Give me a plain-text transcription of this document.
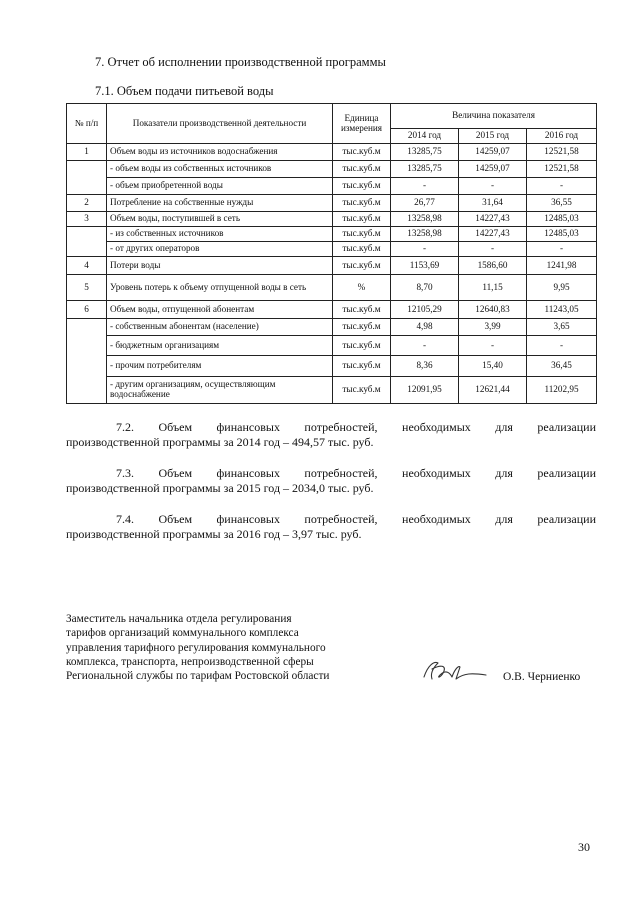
7. Отчет об исполнении производственной программы
7.1. Объем подачи питьевой воды
№ п/п	Показатели производственной деятельности	Единица измерения	Величина показателя		
			2014 год	2015 год	2016 год
1	Объем воды из источников водоснабжения	тыс.куб.м	13285,75	14259,07	12521,58
	- объем воды из собственных источников	тыс.куб.м	13285,75	14259,07	12521,58
	- объем приобретенной воды	тыс.куб.м	-	-	-
2	Потребление на собственные нужды	тыс.куб.м	26,77	31,64	36,55
3	Объем воды, поступившей в сеть	тыс.куб.м	13258,98	14227,43	12485,03
	- из собственных источников	тыс.куб.м	13258,98	14227,43	12485,03
	- от других операторов	тыс.куб.м	-	-	-
4	Потери воды	тыс.куб.м	1153,69	1586,60	1241,98
5	Уровень потерь к объему отпущенной воды в сеть	%	8,70	11,15	9,95
6	Объем воды, отпущенной абонентам	тыс.куб.м	12105,29	12640,83	11243,05
	- собственным абонентам (население)	тыс.куб.м	4,98	3,99	3,65
	- бюджетным организациям	тыс.куб.м	-	-	-
	- прочим потребителям	тыс.куб.м	8,36	15,40	36,45
	- другим организациям, осуществляющим водоснабжение	тыс.куб.м	12091,95	12621,44	11202,95
7.2. Объем финансовых потребностей, необходимых для реализации
производственной программы за 2014 год – 494,57 тыс. руб.
7.3. Объем финансовых потребностей, необходимых для реализации
производственной программы за 2015 год – 2034,0 тыс. руб.
7.4. Объем финансовых потребностей, необходимых для реализации
производственной программы за 2016 год – 3,97 тыс. руб.
Заместитель начальника отдела регулирования
тарифов организаций коммунального комплекса
управления тарифного регулирования коммунального
комплекса, транспорта, непроизводственной сферы
Региональной службы по тарифам Ростовской области	О.В. Черниенко
30
